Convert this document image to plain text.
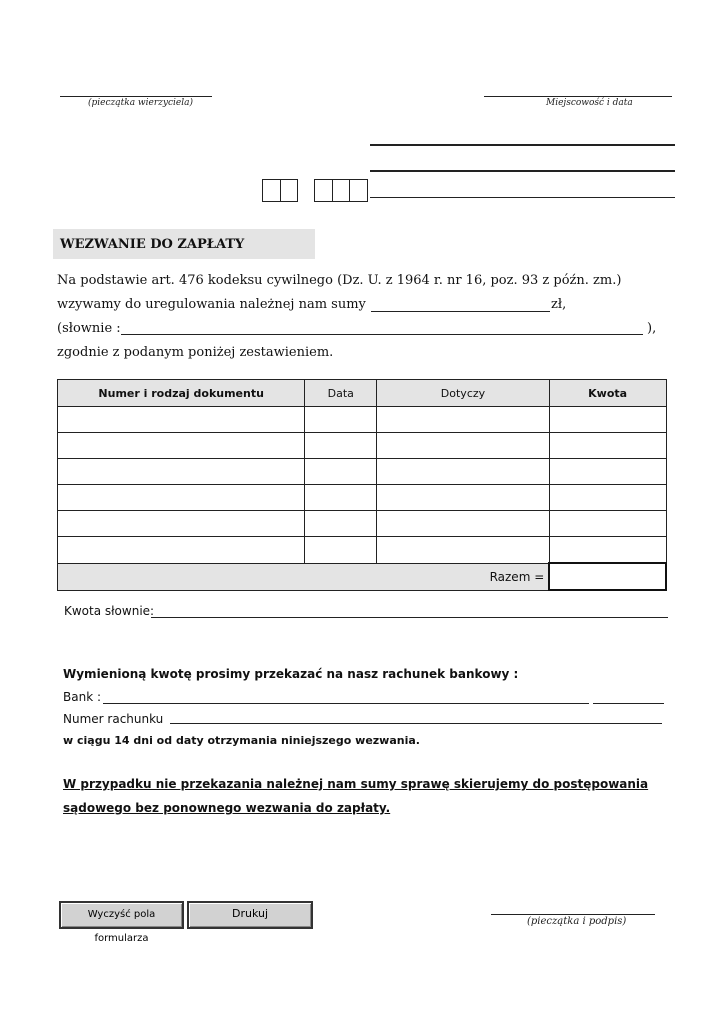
(pieczątka wierzyciela)	Miejscowość i data
WEZWANIE DO ZAPŁATY
Na podstawie art. 476 kodeksu cywilnego (Dz. U. z 1964 r. nr 16, poz. 93 z późn. zm.)
wzywamy do uregulowania należnej nam sumy	zł,
(słownie :	),
zgodnie z podanym poniżej zestawieniem.
Numer i rodzaj dokumentu	Data	Dotyczy	Kwota

Razem =			
Kwota słownie:
Wymienioną kwotę prosimy przekazać na nasz rachunek bankowy :
Bank :
Numer rachunku
w ciągu 14 dni od daty otrzymania niniejszego wezwania.
W przypadku nie przekazania należnej nam sumy sprawę skierujemy do postępowania
sądowego bez ponownego wezwania do zapłaty.
Wyczyść pola formularza
Drukuj
(pieczątka i podpis)
